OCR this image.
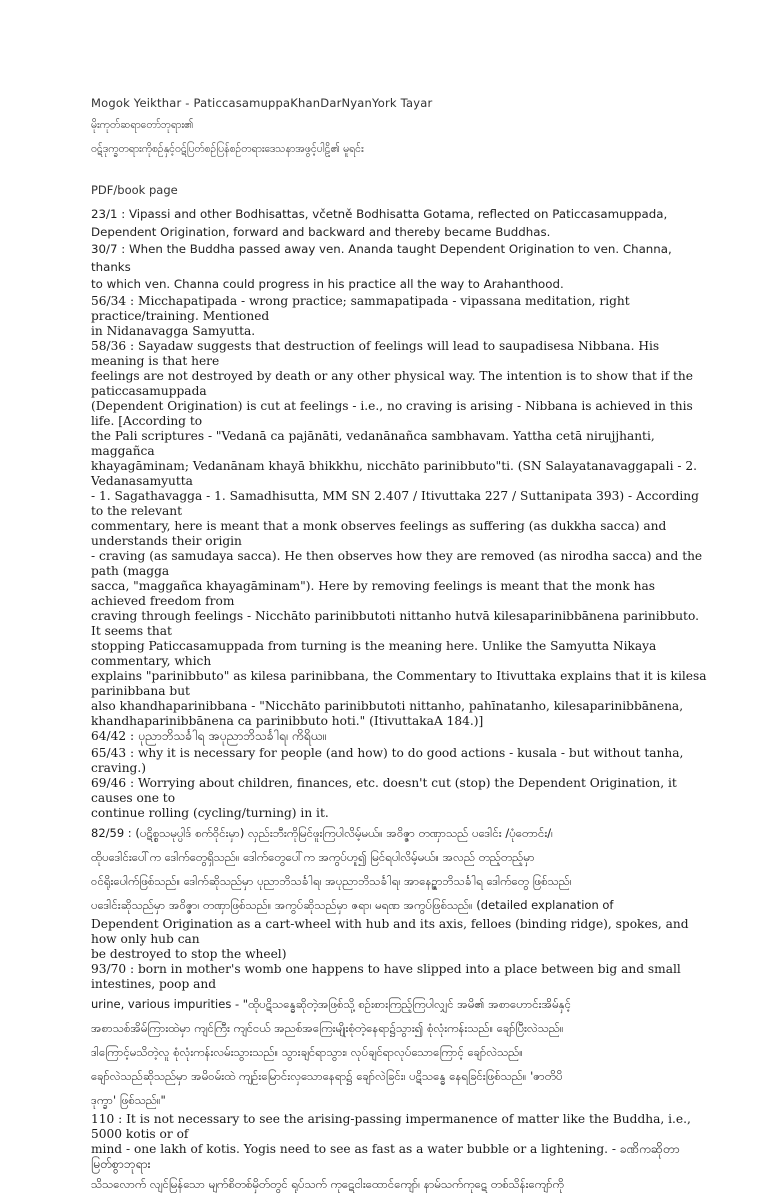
Mogok Yeikthar - PaticcasamuppaKhanDarNyanYork Tayar
မိုးကုတ်ဆရာတော်ဘုရား၏
ဝဋ်ဒုက္ခတရားကိုစဉ်နှင့်ဝဋ်ပြတ်စဉ်ပြန်စဉ်တရားဒေသနာအဖွင့်ပါဠိ၏ မူရင်း
PDF/book page
23/1 : Vipassi and other Bodhisattas, včetně Bodhisatta Gotama, reflected on Paticcasamuppada,
Dependent Origination, forward and backward and thereby became Buddhas.
30/7 : When the Buddha passed away ven. Ananda taught Dependent Origination to ven. Channa, thanks
to which ven. Channa could progress in his practice all the way to Arahanthood.
56/34 : Micchapatipada - wrong practice; sammapatipada - vipassana meditation, right practice/training. Mentioned
in Nidanavagga Samyutta.
58/36 : Sayadaw suggests that destruction of feelings will lead to saupadisesa Nibbana. His meaning is that here
feelings are not destroyed by death or any other physical way. The intention is to show that if the paticcasamuppada
(Dependent Origination) is cut at feelings - i.e., no craving is arising - Nibbana is achieved in this life. [According to
the Pali scriptures - "Vedanā ca pajānāti, vedanānañca sambhavam. Yattha cetā nirujjhanti, maggañca
khayagāminam; Vedanānam khayā bhikkhu, nicchāto parinibbuto"ti. (SN Salayatanavaggapali - 2. Vedanasamyutta
- 1. Sagathavagga - 1. Samadhisutta, MM SN 2.407 / Itivuttaka 227 / Suttanipata 393) - According to the relevant
commentary, here is meant that a monk observes feelings as suffering (as dukkha sacca) and understands their origin
- craving (as samudaya sacca). He then observes how they are removed (as nirodha sacca) and the path (magga
sacca, "maggañca khayagāminam"). Here by removing feelings is meant that the monk has achieved freedom from
craving through feelings - Nicchāto parinibbutoti nittanho hutvā kilesaparinibbānena parinibbuto. It seems that
stopping Paticcasamuppada from turning is the meaning here. Unlike the Samyutta Nikaya commentary, which
explains "parinibbuto" as kilesa parinibbana, the Commentary to Itivuttaka explains that it is kilesa parinibbana but
also khandhaparinibbana - "Nicchāto parinibbutoti nittanho, pahīnatanho, kilesaparinibbānena,
khandhaparinibbānena ca parinibbuto hoti." (ItivuttakaA 184.)]
64/42 : ပုညာဘိသင်္ခါရ အပုညာဘိသင်္ခါရ၊ ကိရိယ။
65/43 : why it is necessary for people (and how) to do good actions - kusala - but without tanha, craving.)
69/46 : Worrying about children, finances, etc. doesn't cut (stop) the Dependent Origination, it causes one to
continue rolling (cycling/turning) in it.
82/59 : (ပဋိစ္စသမုပ္ပါဒ် စက်ဝိုင်းမှာ) လှည်းဘီးကိုမြင်ဖူးကြပါလိမ့်မယ်။ အဝိဇ္ဇာ တဏှာသည် ပဒေါင်း /ပုံတောင်း/၊
ထိုပဒေါင်းပေါ်က ဒေါက်တွေရှိသည်။ ဒေါက်တွေပေါ်က အကွပ်ဟူ၍ မြင်ရပါလိမ့်မယ်။ အလည် တည့်တည့်မှာ
ဝင်ရိုးပေါက်ဖြစ်သည်။ ဒေါက်ဆိုသည်မှာ ပုညာဘိသင်္ခါရ၊ အပုညာဘိသင်္ခါရ၊ အာနေဉ္ဇာဘိသင်္ခါရ ဒေါက်တွေ ဖြစ်သည်၊
ပဒေါင်းဆိုသည်မှာ အဝိဇ္ဇာ၊ တဏှာဖြစ်သည်။ အကွပ်ဆိုသည်မှာ ဇရာ၊ မရဏ အကွပ်ဖြစ်သည်။ (detailed explanation of
Dependent Origination as a cart-wheel with hub and its axis, felloes (binding ridge), spokes, and how only hub can
be destroyed to stop the wheel)
93/70 : born in mother's womb one happens to have slipped into a place between big and small intestines, poop and
urine, various impurities - "ထိုပဋိသန္ဓေဆိုတဲ့အဖြစ်သို့ စဉ်းစားကြည့်ကြပါလျှင် အမိ၏ အစာဟောင်းအိမ်နှင့်
အစာသစ်အိမ်ကြားထဲမှာ ကျင်ကြီး ကျင်ငယ် အညစ်အကြေးမျိုးစုံတဲ့နေရာ၌သွား၍ စုံလုံးကန်းသည်။ ချော်ပြီးလဲသည်။
ဒါကြောင့်မသိတဲ့လူ စုံလုံးကန်းလမ်းသွားသည်။ သွားချင်ရာသွား၊ လုပ်ချင်ရာလုပ်သောကြောင့် ချော်လဲသည်။
ချော်လဲသည်ဆိုသည်မှာ အမိဝမ်းထဲ ကျဉ်းမြောင်းလှသောနေရာ၌ ချော်လဲခြင်း၊ ပဋိသန္ဓေ နေရခြင်းဖြစ်သည်။ 'ဇာတိပိ
ဒုက္ခာ' ဖြစ်သည်။"
110 : It is not necessary to see the arising-passing impermanence of matter like the Buddha, i.e., 5000 kotis or of
mind - one lakh of kotis. Yogis need to see as fast as a water bubble or a lightening. - ခဏိကဆိုတာ မြတ်စွာဘုရား
သိသလောက် လျင်မြန်သော မျက်စိတစ်မှိတ်တွင် ရုပ်သက် ကုဋေငါးထောင်ကျော်၊ နာမ်သက်ကုဋေ တစ်သိန်းကျော်ကို
